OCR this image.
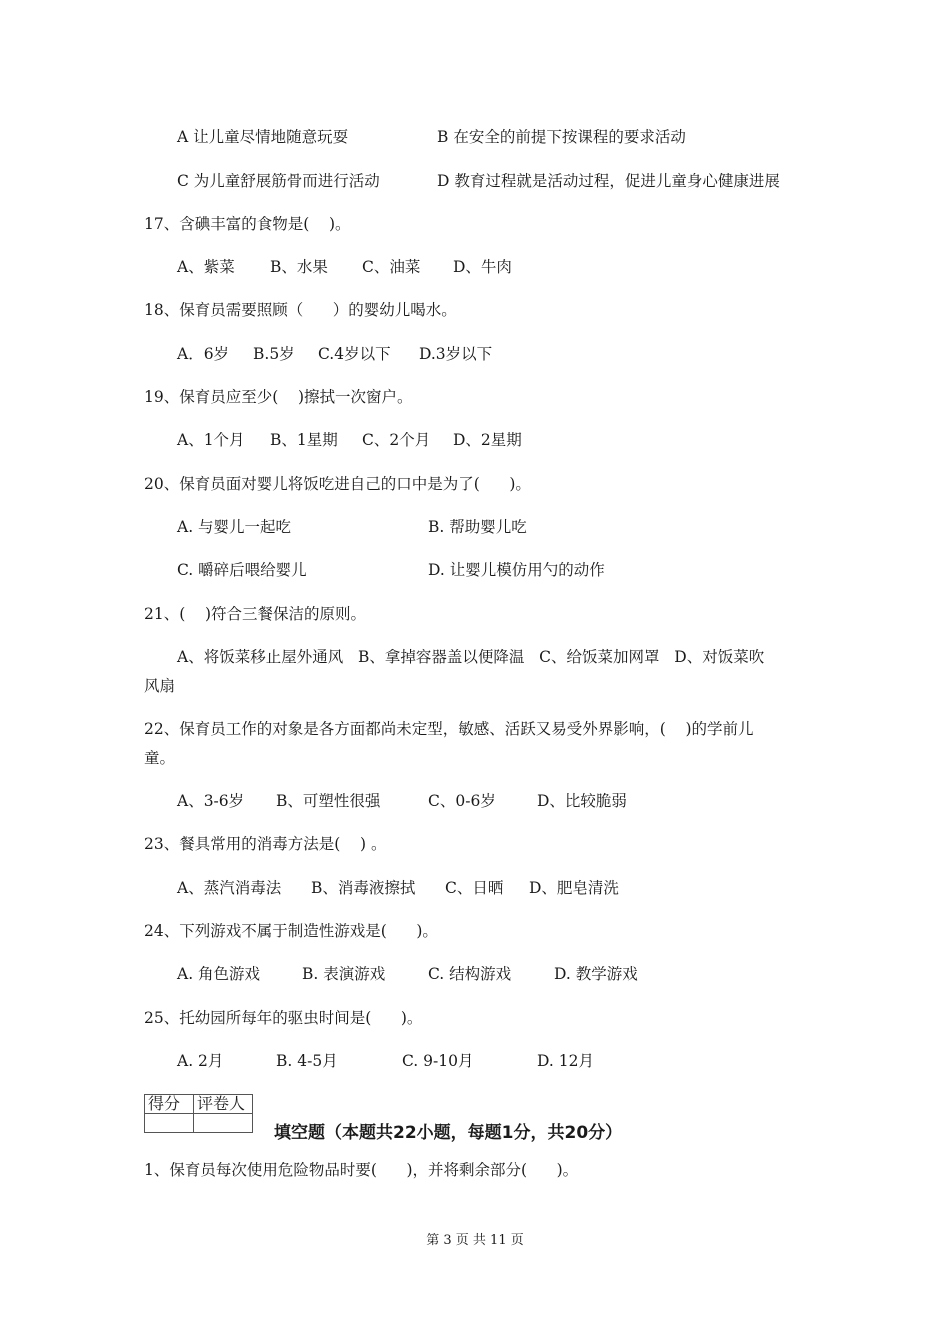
A 让儿童尽情地随意玩耍	B 在安全的前提下按课程的要求活动
C 为儿童舒展筋骨而进行活动	D 教育过程就是活动过程，促进儿童身心健康进展
17、含碘丰富的食物是(    )。
A、紫菜 B、水果 C、油菜 D、牛肉
18、保育员需要照顾（      ）的婴幼儿喝水。
A．6岁 B.5岁 C.4岁以下 D.3岁以下
19、保育员应至少(    )擦拭一次窗户。
A、1个月 B、1星期 C、2个月 D、2星期
20、保育员面对婴儿将饭吃进自己的口中是为了(      )。
A. 与婴儿一起吃	B. 帮助婴儿吃
C. 嚼碎后喂给婴儿	D. 让婴儿模仿用勺的动作
21、(    )符合三餐保洁的原则。
A、将饭菜移止屋外通风   B、拿掉容器盖以便降温   C、给饭菜加网罩   D、对饭菜吹
风扇
22、保育员工作的对象是各方面都尚未定型，敏感、活跃又易受外界影响，(    )的学前儿
童。
A、3-6岁 B、可塑性很强	C、0-6岁	D、比较脆弱
23、餐具常用的消毒方法是(    ) 。
A、蒸汽消毒法 B、消毒液擦拭 C、日晒 D、肥皂清洗
24、下列游戏不属于制造性游戏是(      )。
A. 角色游戏	B. 表演游戏	C. 结构游戏	D. 教学游戏
25、托幼园所每年的驱虫时间是(      )。
A. 2月	B. 4-5月	C. 9-10月	D. 12月
得分	评卷人

填空题（本题共22小题，每题1分，共20分）
1、保育员每次使用危险物品时要(      )，并将剩余部分(      )。
第 3 页 共 11 页
